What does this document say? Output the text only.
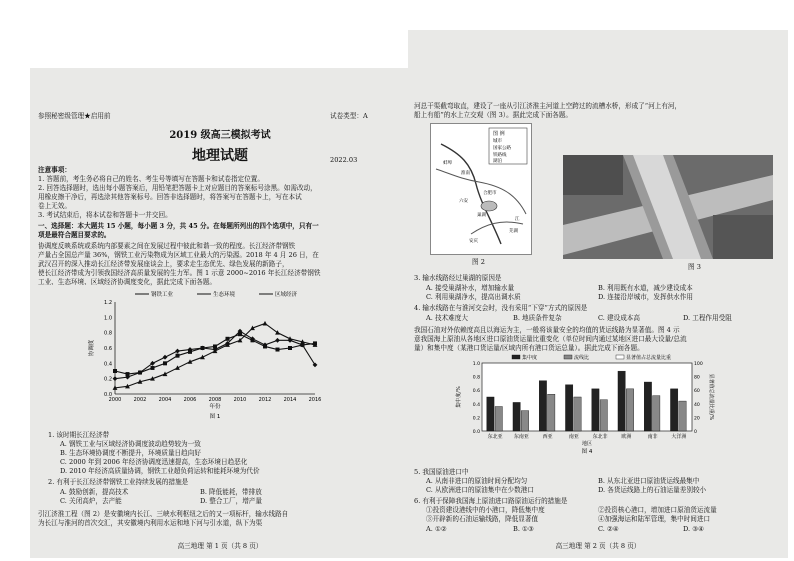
参照秘密级管理★启用前	试卷类型：A
2019 级高三模拟考试
地理试题	2022.03
注意事项：
1. 答题前，考生务必将自己的姓名、考生号等填写在答题卡和试卷指定位置。
2. 回答选择题时，选出每小题答案后，用铅笔把答题卡上对应题目的答案标号涂黑。如需改动，
用橡皮擦干净后，再选涂其他答案标号。回答非选择题时，将答案写在答题卡上，写在本试
卷上无效。
3. 考试结束后，将本试卷和答题卡一并交回。
一、选择题：本大题共 15 小题，每小题 3 分，共 45 分。在每题所列出的四个选项中，只有一
项是最符合题目要求的。
协调度反映系统或系统内部要素之间在发展过程中彼此和谐一致的程度。长江经济带钢铁
产量占全国总产量 36%，钢铁工业污染物成为区域工业最大的污染源。2018 年 4 月 26 日，在
武汉召开的深入推动长江经济带发展座谈会上，要求走生态优先、绿色发展的新路子，
使长江经济带成为引领我国经济高质量发展的生力军。图 1 示意 2000~2016 年长江经济带钢铁
工业、生态环境、区域经济协调度变化，据此完成下面各题。
0.0
0.2
0.4
0.6
0.8
1.0
1.2
2000 2002 2004 2006 2008 2010 2012 2014 2016
年份
协调度
钢铁工业	生态环境	区域经济
图 1
1. 该时期长江经济带
A. 钢铁工业与区域经济协调度波动趋势较为一致
B. 生态环境协调度不断提升，环境质量日趋向好
C. 2000 年到 2006 年经济协调度迅速提高，生态环境日趋恶化
D. 2010 年经济高质量协调，钢铁工业超负荷运转和能耗环境为代价
2. 有利于长江经济带钢铁工业持续发展的措施是
A. 鼓励创新，提高技术	B. 降低能耗，带排放
C. 关闭高炉，去产能	D. 整合工厂，增产量
引江济淮工程（图 2）是安徽境内长江、三峡水利枢纽之后的又一项标杆，输水线路自
为长江与淮河的首次交汇，其安徽境内利用水运和地下河与引水道，纵下为渠
高三地理 第 1 页（共 8 页）
河总干渠截弯取直，建设了一座从引江济淮主河道上空跨过的流槽水桥，形成了“河上有河，
船上有船”的水上立交观（图 3）。据此完成下面各题。
图 例
城市
国家公路
铁路线
湖泊
巢湖
合肥市
蚌埠
淮南
六安
芜湖
安庆
江
图 2
图 3
3. 输水线路经过巢湖的原因是
A. 接受巢湖补水，增加输水量	B. 利用既有水道，减少建设成本
C. 利用巢湖净水，提高出调水质	D. 连接沿岸城市，发挥供水作用
4. 输水线路在与淮河交会时，没有采用“下穿”方式的原因是
A. 技术难度大	B. 地质条件复杂	C. 建设成本高	D. 工程作用受阻
我国石油对外依赖度高且以海运为主，一般将该量安全的均值的货运线路为显著值。图 4 示
意我国海上原油从各地区进口原油货运量比重变化（单位时间内通过某地区进口最大设量/总流
量）和集中度（某港口货运量/区域内所有港口货运总量）。据此完成下面各题。
0.0
0.2
0.4
0.6
0.8
1.0
0
20
40
60
80
100
东北亚 东南亚	西亚	南亚	东北非	欧洲	南非	大洋洲
地区
集中度/%	显著值总流量比重/%
集中度	流线比	显著值占总流量比重
图 4
5. 我国原油进口中
A. 从南非进口的原油时间分配均匀	B. 从东北亚进口原油货运线最集中
C. 从欧洲进口的原油集中在少数港口	D. 各货运线路上的石油运量差别较小
6. 有利于保障我国海上原油进口路原油运行的措施是
①投资建设港线中的小港口，降低集中度	②投资核心港口，增加进口原油货运流量
③开辟新的石油运输线路，降低显著值	④加强海运和陆军管理，集中时间进口
A. ①②	B. ①③	C. ②④	D. ③④
高三地理 第 2 页（共 8 页）
